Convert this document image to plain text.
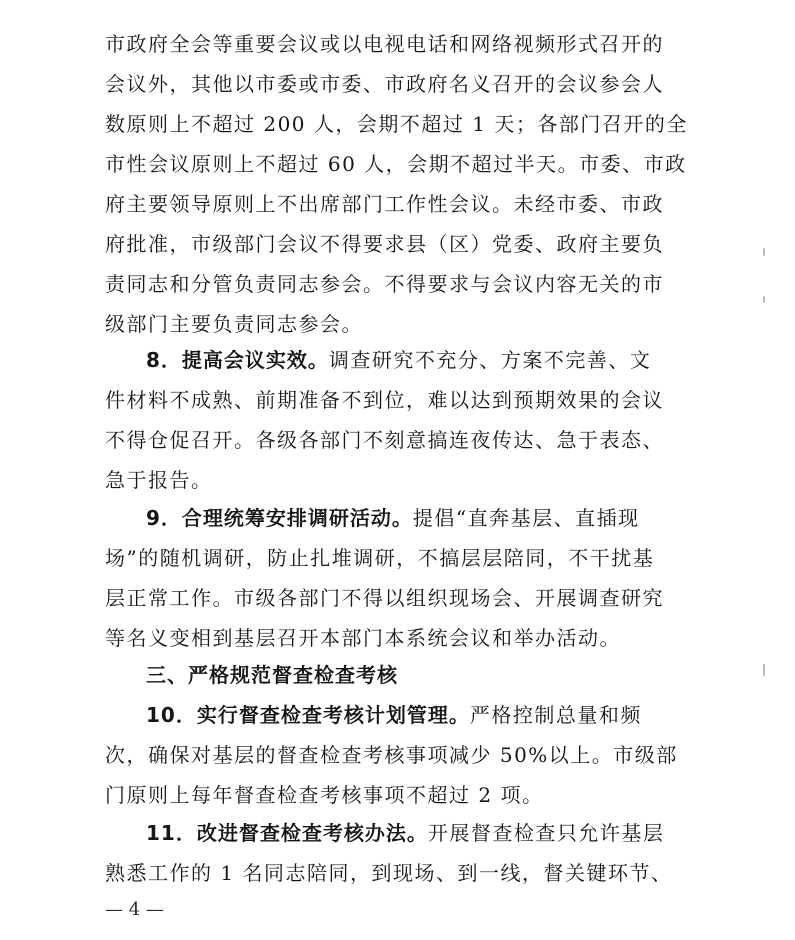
市政府全会等重要会议或以电视电话和网络视频形式召开的
会议外，其他以市委或市委、市政府名义召开的会议参会人
数原则上不超过 200 人，会期不超过 1 天；各部门召开的全
市性会议原则上不超过 60 人，会期不超过半天。市委、市政
府主要领导原则上不出席部门工作性会议。未经市委、市政
府批准，市级部门会议不得要求县（区）党委、政府主要负
责同志和分管负责同志参会。不得要求与会议内容无关的市
级部门主要负责同志参会。
8．提高会议实效。调查研究不充分、方案不完善、文
件材料不成熟、前期准备不到位，难以达到预期效果的会议
不得仓促召开。各级各部门不刻意搞连夜传达、急于表态、
急于报告。
9．合理统筹安排调研活动。提倡“直奔基层、直插现
场”的随机调研，防止扎堆调研，不搞层层陪同，不干扰基
层正常工作。市级各部门不得以组织现场会、开展调查研究
等名义变相到基层召开本部门本系统会议和举办活动。
三、严格规范督查检查考核
10．实行督查检查考核计划管理。严格控制总量和频
次，确保对基层的督查检查考核事项减少 50%以上。市级部
门原则上每年督查检查考核事项不超过 2 项。
11．改进督查检查考核办法。开展督查检查只允许基层
熟悉工作的 1 名同志陪同，到现场、到一线，督关键环节、
— 4 —
